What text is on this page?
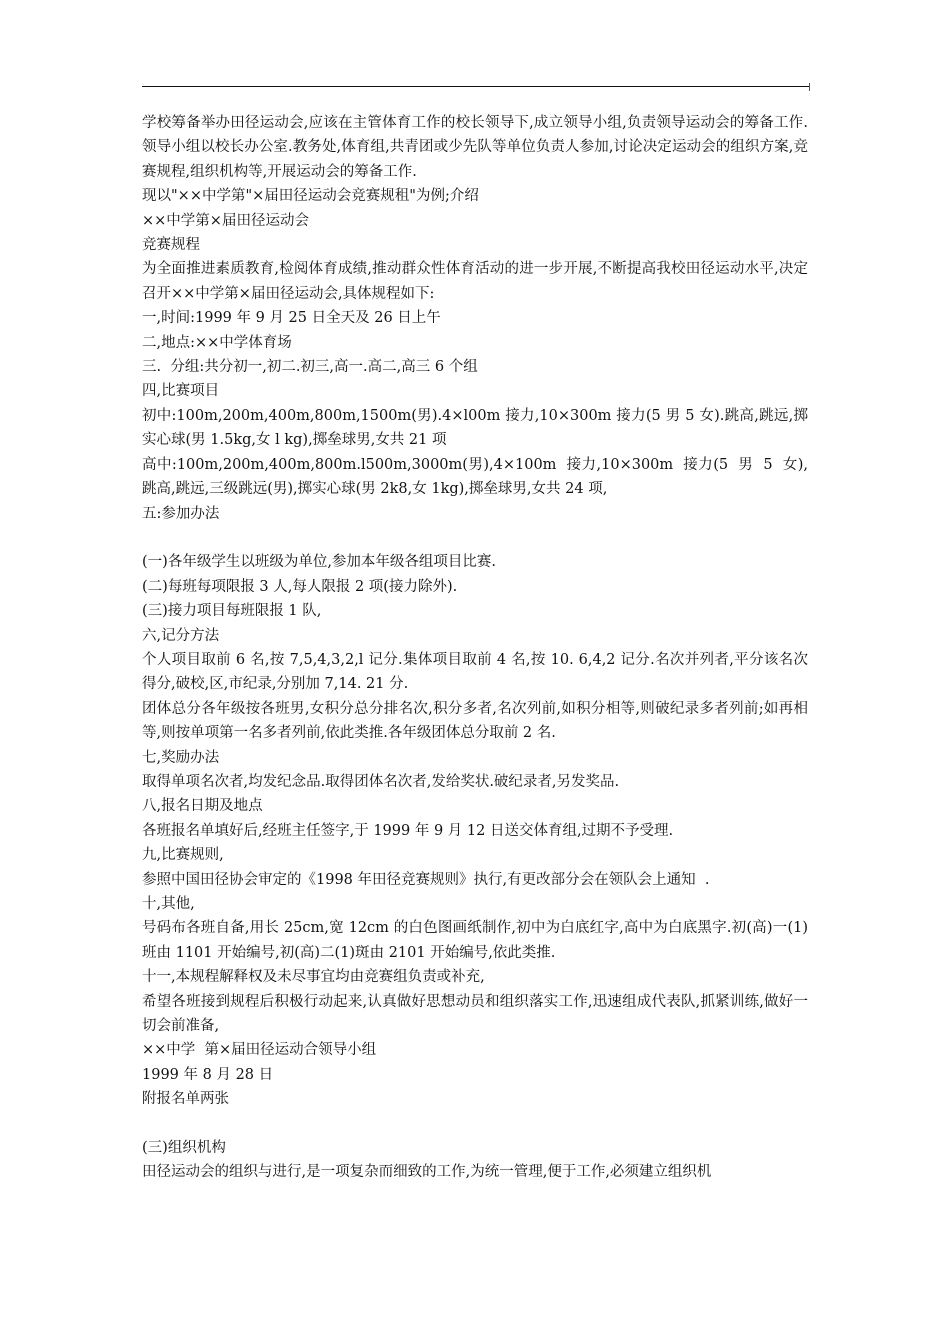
学校筹备举办田径运动会,应该在主管体育工作的校长领导下,成立领导小组,负责领导运动会的筹备工作.领导小组以校长办公室.教务处,体育组,共青团或少先队等单位负责人参加,讨论决定运动会的组织方案,竞赛规程,组织机构等,开展运动会的筹备工作.

现以"××中学第"×届田径运动会竞赛规租"为例;介绍

××中学第×届田径运动会

竞赛规程

为全面推进素质教育,检阅体育成绩,推动群众性体育活动的进一步开展,不断提高我校田径运动水平,决定召开××中学第×届田径运动会,具体规程如下:

一,时间:1999 年 9 月 25 日全天及 26 日上午

二,地点:××中学体育场

三.  分组:共分初一,初二.初三,高一.高二,高三 6 个组

四,比赛项目

初中:100m,200m,400m,800m,1500m(男).4×l00m 接力,10×300m 接力(5 男 5 女).跳高,跳远,掷实心球(男 1.5kg,女 l kg),掷垒球男,女共 21 项

高中:100m,200m,400m,800m.l500m,3000m(男),4×100m  接力,10×300m  接力(5  男  5  女),跳高,跳远,三级跳远(男),掷实心球(男 2k8,女 1kg),掷垒球男,女共 24 项,

五:参加办法

(一)各年级学生以班级为单位,参加本年级各组项目比赛.

(二)每班每项限报 3 人,每人限报 2 项(接力除外).

(三)接力项目每班限报 1 队,

六,记分方法

个人项目取前 6 名,按 7,5,4,3,2,l 记分.集体项目取前 4 名,按 10. 6,4,2 记分.名次并列者,平分该名次得分,破校,区,市纪录,分别加 7,14. 21 分.

团体总分各年级按各班男,女积分总分排名次,积分多者,名次列前,如积分相等,则破纪录多者列前;如再相等,则按单项第一名多者列前,依此类推.各年级团体总分取前 2 名.

七,奖励办法

取得单项名次者,均发纪念品.取得团体名次者,发给奖状.破纪录者,另发奖品.

八,报名日期及地点

各班报名单填好后,经班主任签字,于 1999 年 9 月 12 日送交体育组,过期不予受理.

九,比赛规则,

参照中国田径协会审定的《1998 年田径竞赛规则》执行,有更改部分会在领队会上通知  .

十,其他,

号码布各班自备,用长 25cm,宽 12cm 的白色图画纸制作,初中为白底红字,高中为白底黑字.初(高)一(1)班由 1101 开始编号,初(高)二(1)斑由 2101 开始编号,依此类推.

十一,本规程解释权及未尽事宜均由竞赛组负责或补充,

希望各班接到规程后积极行动起来,认真做好思想动员和组织落实工作,迅速组成代表队,抓紧训练,做好一切会前准备,

××中学  第×届田径运动合领导小组

1999 年 8 月 28 日

附报名单两张

(三)组织机构

田径运动会的组织与进行,是一项复杂而细致的工作,为统一管理,便于工作,必须建立组织机
